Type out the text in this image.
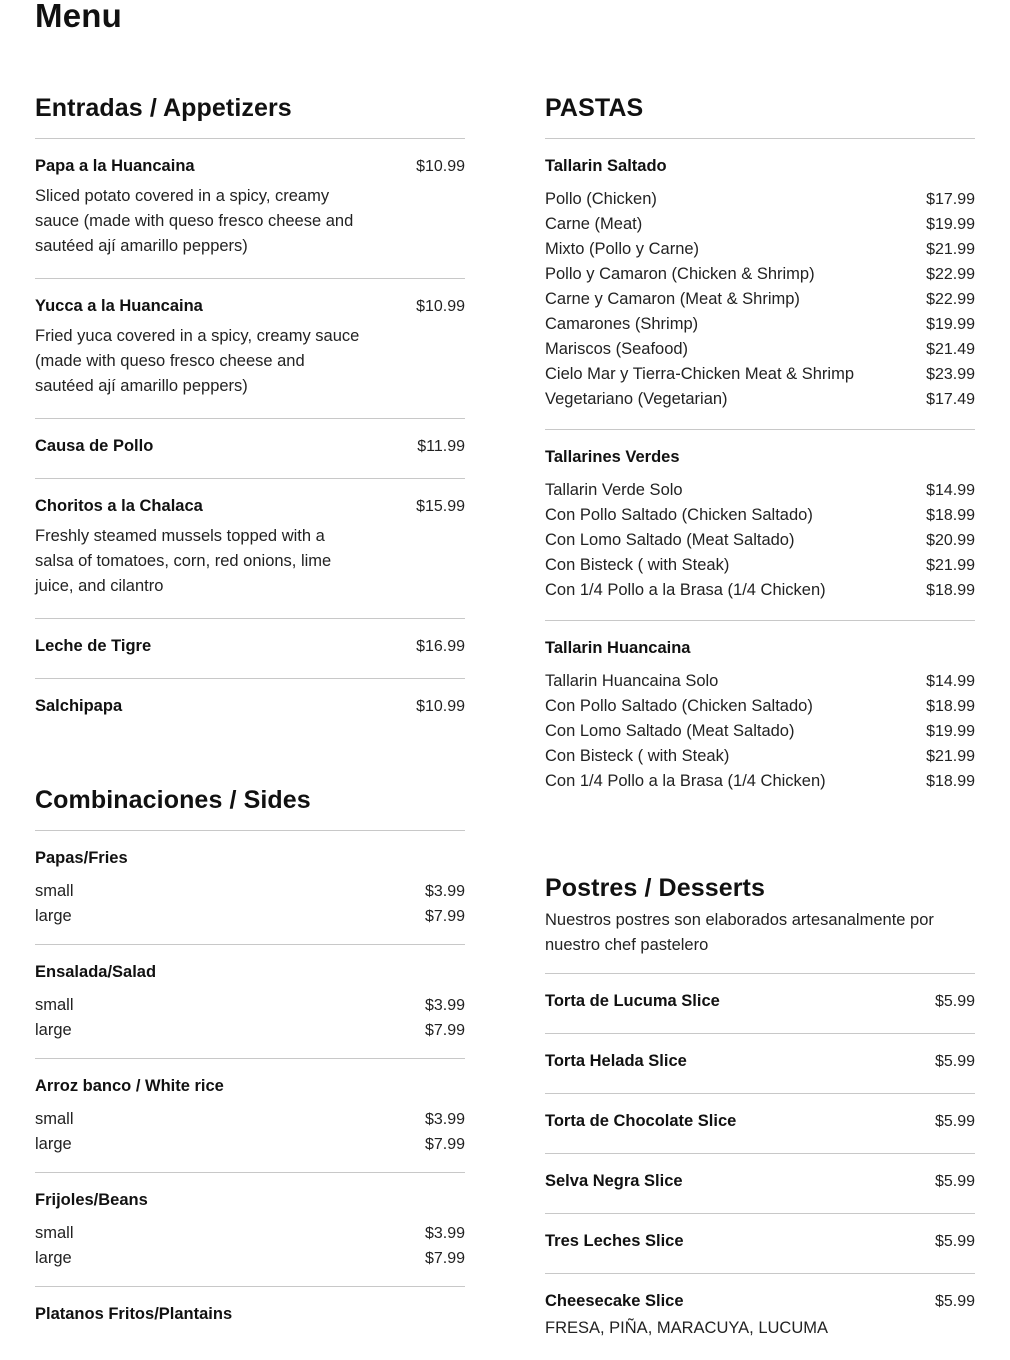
Menu
Entradas / Appetizers
Papa a la Huancaina	$10.99
Sliced potato covered in a spicy, creamy sauce (made with queso fresco cheese and sautéed ají amarillo peppers)
Yucca a la Huancaina	$10.99
Fried yuca covered in a spicy, creamy sauce (made with queso fresco cheese and sautéed ají amarillo peppers)
Causa de Pollo	$11.99
Choritos a la Chalaca	$15.99
Freshly steamed mussels topped with a salsa of tomatoes, corn, red onions, lime juice, and cilantro
Leche de Tigre	$16.99
Salchipapa	$10.99
Combinaciones / Sides
Papas/Fries
small	$3.99
large	$7.99
Ensalada/Salad
small	$3.99
large	$7.99
Arroz banco / White rice
small	$3.99
large	$7.99
Frijoles/Beans
small	$3.99
large	$7.99
Platanos Fritos/Plantains
PASTAS
Tallarin Saltado
Pollo (Chicken)	$17.99
Carne (Meat)	$19.99
Mixto (Pollo y Carne)	$21.99
Pollo y Camaron (Chicken & Shrimp)	$22.99
Carne y Camaron (Meat & Shrimp)	$22.99
Camarones (Shrimp)	$19.99
Mariscos (Seafood)	$21.49
Cielo Mar y Tierra-Chicken Meat & Shrimp	$23.99
Vegetariano (Vegetarian)	$17.49
Tallarines Verdes
Tallarin Verde Solo	$14.99
Con Pollo Saltado (Chicken Saltado)	$18.99
Con Lomo Saltado (Meat Saltado)	$20.99
Con Bisteck ( with Steak)	$21.99
Con 1/4 Pollo a la Brasa (1/4 Chicken)	$18.99
Tallarin Huancaina
Tallarin Huancaina Solo	$14.99
Con Pollo Saltado (Chicken Saltado)	$18.99
Con Lomo Saltado (Meat Saltado)	$19.99
Con Bisteck ( with Steak)	$21.99
Con 1/4 Pollo a la Brasa (1/4 Chicken)	$18.99
Postres / Desserts
Nuestros postres son elaborados artesanalmente por nuestro chef pastelero
Torta de Lucuma Slice	$5.99
Torta Helada Slice	$5.99
Torta de Chocolate Slice	$5.99
Selva Negra Slice	$5.99
Tres Leches Slice	$5.99
Cheesecake Slice	$5.99
FRESA, PIÑA, MARACUYA, LUCUMA
